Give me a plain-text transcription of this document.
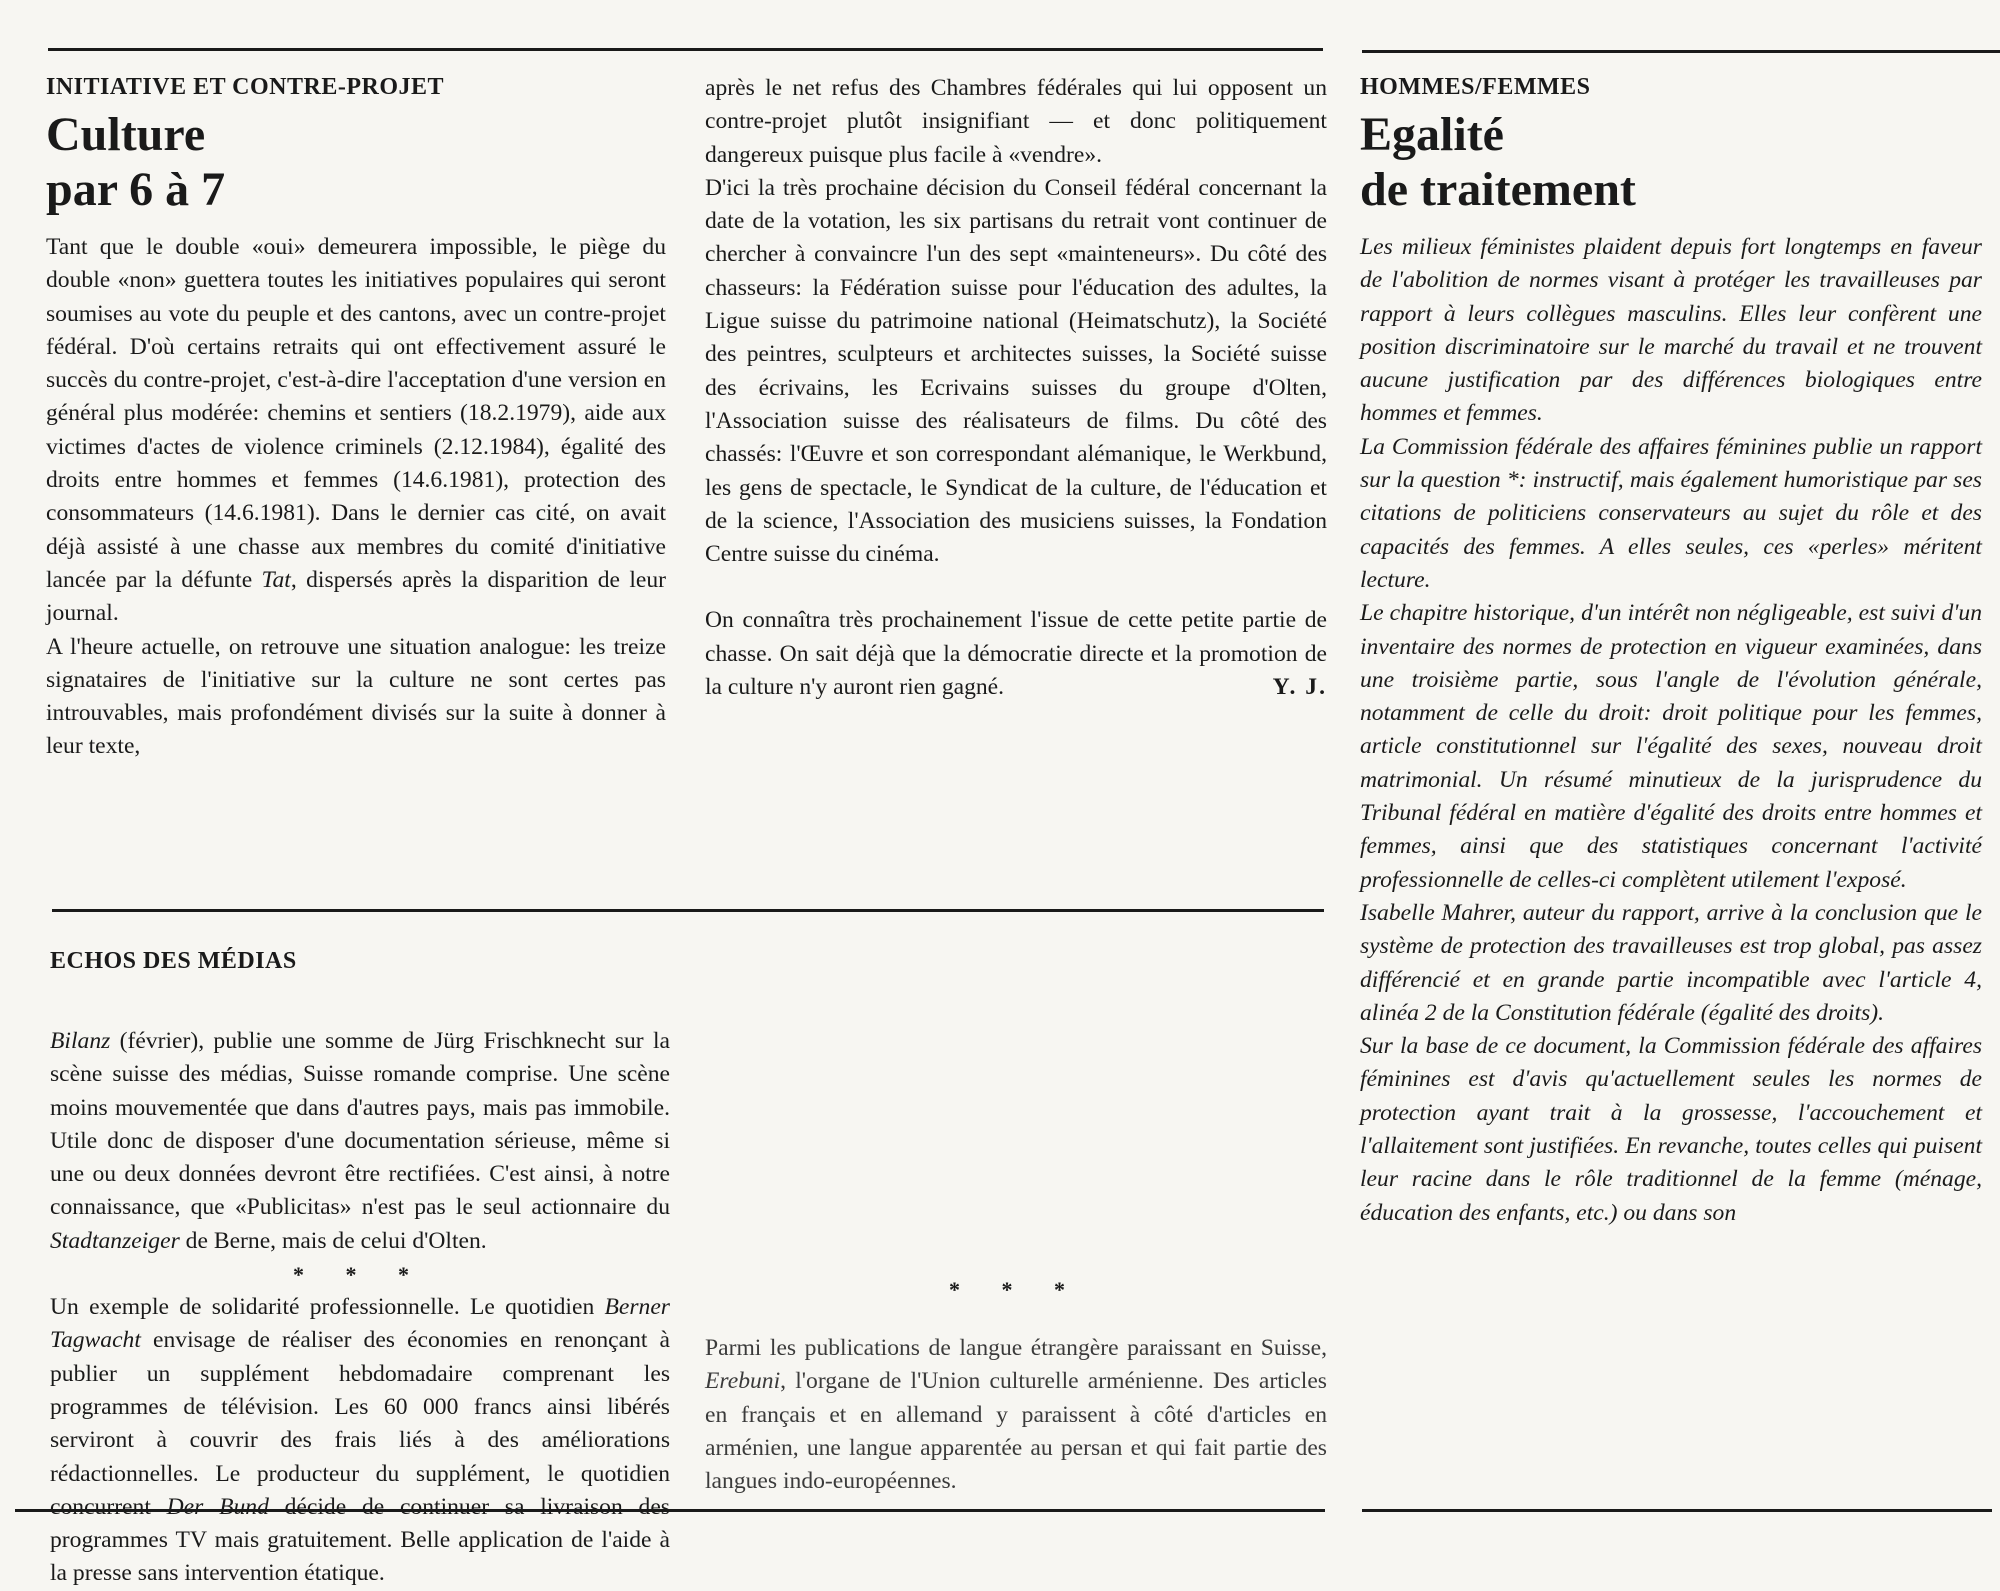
INITIATIVE ET CONTRE-PROJET
Culture
par 6 à 7

Tant que le double «oui» demeurera impossible, le piège du double «non» guettera toutes les initiatives populaires qui seront soumises au vote du peuple et des cantons, avec un contre-projet fédéral. D'où certains retraits qui ont effectivement assuré le succès du contre-projet, c'est-à-dire l'acceptation d'une version en général plus modérée: chemins et sentiers (18.2.1979), aide aux victimes d'actes de violence criminels (2.12.1984), égalité des droits entre hommes et femmes (14.6.1981), protection des consommateurs (14.6.1981). Dans le dernier cas cité, on avait déjà assisté à une chasse aux membres du comité d'initiative lancée par la défunte Tat, dispersés après la disparition de leur journal.

A l'heure actuelle, on retrouve une situation analogue: les treize signataires de l'initiative sur la culture ne sont certes pas introuvables, mais profondément divisés sur la suite à donner à leur texte,

après le net refus des Chambres fédérales qui lui opposent un contre-projet plutôt insignifiant — et donc politiquement dangereux puisque plus facile à «vendre».

D'ici la très prochaine décision du Conseil fédéral concernant la date de la votation, les six partisans du retrait vont continuer de chercher à convaincre l'un des sept «mainteneurs». Du côté des chasseurs: la Fédération suisse pour l'éducation des adultes, la Ligue suisse du patrimoine national (Heimatschutz), la Société des peintres, sculpteurs et architectes suisses, la Société suisse des écrivains, les Ecrivains suisses du groupe d'Olten, l'Association suisse des réalisateurs de films. Du côté des chassés: l'Œuvre et son correspondant alémanique, le Werkbund, les gens de spectacle, le Syndicat de la culture, de l'éducation et de la science, l'Association des musiciens suisses, la Fondation Centre suisse du cinéma.

On connaîtra très prochainement l'issue de cette petite partie de chasse. On sait déjà que la démocratie directe et la promotion de la culture n'y auront rien gagné.	Y. J.

ECHOS DES MÉDIAS

Bilanz (février), publie une somme de Jürg Frischknecht sur la scène suisse des médias, Suisse romande comprise. Une scène moins mouvementée que dans d'autres pays, mais pas immobile. Utile donc de disposer d'une documentation sérieuse, même si une ou deux données devront être rectifiées. C'est ainsi, à notre connaissance, que «Publicitas» n'est pas le seul actionnaire du Stadtanzeiger de Berne, mais de celui d'Olten.

* * *

Un exemple de solidarité professionnelle. Le quotidien Berner Tagwacht envisage de réaliser des économies en renonçant à publier un supplément hebdomadaire comprenant les programmes de télévision. Les 60 000 francs ainsi libérés serviront à couvrir des frais liés à des améliorations rédactionnelles. Le producteur du supplément, le quotidien concurrent Der Bund décide de continuer sa livraison des programmes TV mais gratuitement. Belle application de l'aide à la presse sans intervention étatique.

* * *

Parmi les publications de langue étrangère paraissant en Suisse, Erebuni, l'organe de l'Union culturelle arménienne. Des articles en français et en allemand y paraissent à côté d'articles en arménien, une langue apparentée au persan et qui fait partie des langues indo-européennes.

HOMMES/FEMMES
Egalité
de traitement

Les milieux féministes plaident depuis fort longtemps en faveur de l'abolition de normes visant à protéger les travailleuses par rapport à leurs collègues masculins. Elles leur confèrent une position discriminatoire sur le marché du travail et ne trouvent aucune justification par des différences biologiques entre hommes et femmes.

La Commission fédérale des affaires féminines publie un rapport sur la question *: instructif, mais également humoristique par ses citations de politiciens conservateurs au sujet du rôle et des capacités des femmes. A elles seules, ces «perles» méritent lecture.

Le chapitre historique, d'un intérêt non négligeable, est suivi d'un inventaire des normes de protection en vigueur examinées, dans une troisième partie, sous l'angle de l'évolution générale, notamment de celle du droit: droit politique pour les femmes, article constitutionnel sur l'égalité des sexes, nouveau droit matrimonial. Un résumé minutieux de la jurisprudence du Tribunal fédéral en matière d'égalité des droits entre hommes et femmes, ainsi que des statistiques concernant l'activité professionnelle de celles-ci complètent utilement l'exposé.

Isabelle Mahrer, auteur du rapport, arrive à la conclusion que le système de protection des travailleuses est trop global, pas assez différencié et en grande partie incompatible avec l'article 4, alinéa 2 de la Constitution fédérale (égalité des droits).

Sur la base de ce document, la Commission fédérale des affaires féminines est d'avis qu'actuellement seules les normes de protection ayant trait à la grossesse, l'accouchement et l'allaitement sont justifiées. En revanche, toutes celles qui puisent leur racine dans le rôle traditionnel de la femme (ménage, éducation des enfants, etc.) ou dans son
